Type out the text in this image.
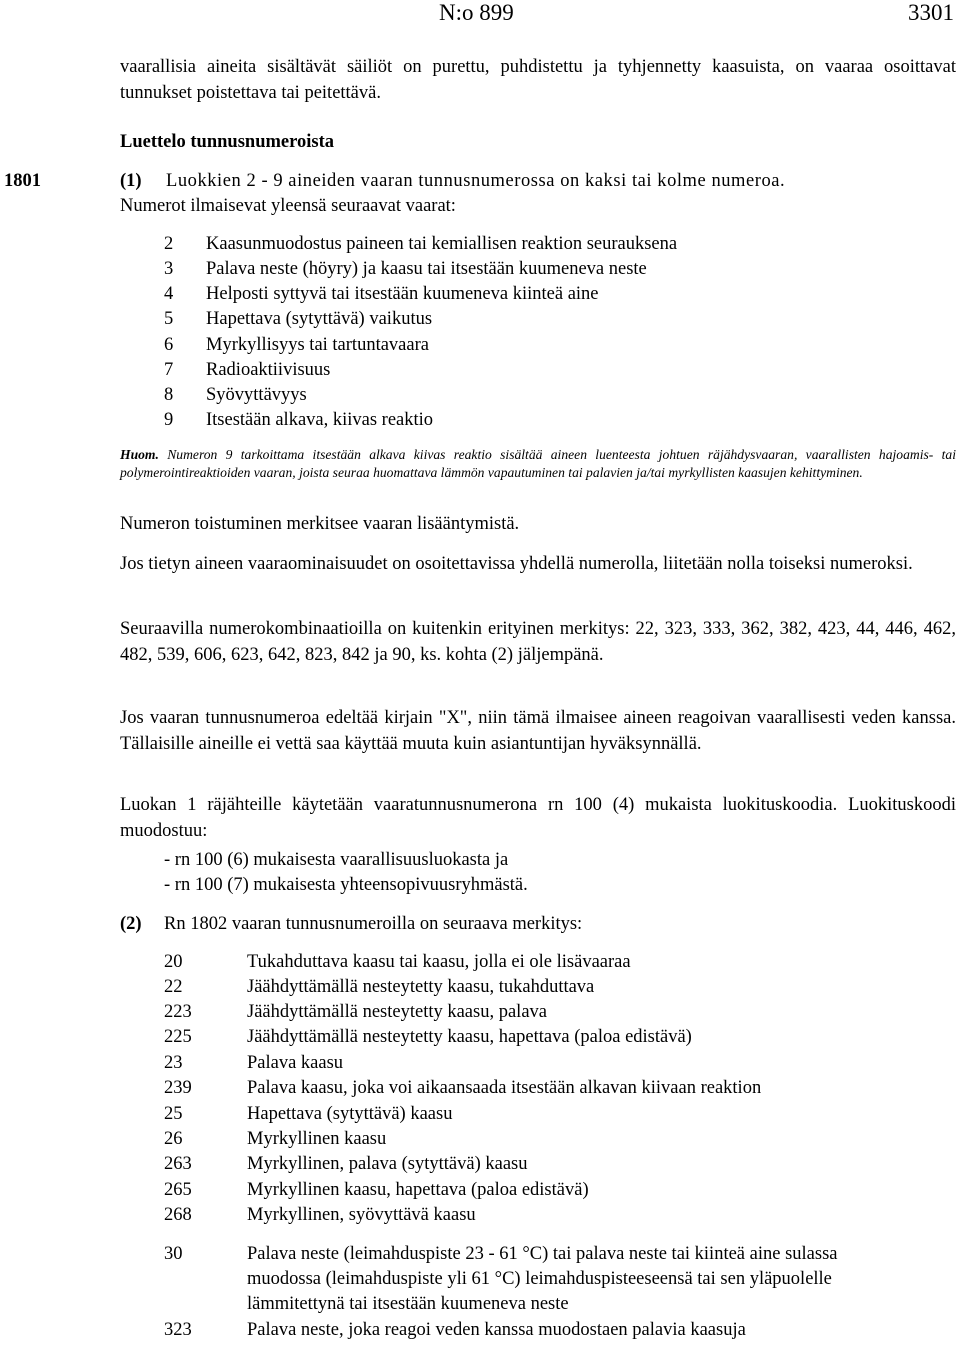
N:o 899	3301
vaarallisia aineita sisältävät säiliöt on purettu, puhdistettu ja tyhjennetty kaasuista, on vaaraa osoittavat tunnukset poistettava tai peitettävä.
Luettelo tunnusnumeroista
1801	(1) Luokkien 2 - 9 aineiden vaaran tunnusnumerossa on kaksi tai kolme numeroa.
Numerot ilmaisevat yleensä seuraavat vaarat:
2 Kaasunmuodostus paineen tai kemiallisen reaktion seurauksena
3 Palava neste (höyry) ja kaasu tai itsestään kuumeneva neste
4 Helposti syttyvä tai itsestään kuumeneva kiinteä aine
5 Hapettava (sytyttävä) vaikutus
6 Myrkyllisyys tai tartuntavaara
7 Radioaktiivisuus
8 Syövyttävyys
9 Itsestään alkava, kiivas reaktio
Huom. Numeron 9 tarkoittama itsestään alkava kiivas reaktio sisältää aineen luenteesta johtuen räjähdysvaaran, vaarallisten hajoamis- tai polymerointireaktioiden vaaran, joista seuraa huomattava lämmön vapautuminen tai palavien ja/tai myrkyllisten kaasujen kehittyminen.
Numeron toistuminen merkitsee vaaran lisääntymistä.
Jos tietyn aineen vaaraominaisuudet on osoitettavissa yhdellä numerolla, liitetään nolla toiseksi numeroksi.
Seuraavilla numerokombinaatioilla on kuitenkin erityinen merkitys: 22, 323, 333, 362, 382, 423, 44, 446, 462, 482, 539, 606, 623, 642, 823, 842 ja 90, ks. kohta (2) jäljempänä.
Jos vaaran tunnusnumeroa edeltää kirjain "X", niin tämä ilmaisee aineen reagoivan vaarallisesti veden kanssa. Tällaisille aineille ei vettä saa käyttää muuta kuin asiantuntijan hyväksynnällä.
Luokan 1 räjähteille käytetään vaaratunnusnumerona rn 100 (4) mukaista luokituskoodia. Luokituskoodi muodostuu:
- rn 100 (6) mukaisesta vaarallisuusluokasta ja
- rn 100 (7) mukaisesta yhteensopivuusryhmästä.
(2) Rn 1802 vaaran tunnusnumeroilla on seuraava merkitys:
20	Tukahduttava kaasu tai kaasu, jolla ei ole lisävaaraa
22	Jäähdyttämällä nesteytetty kaasu, tukahduttava
223	Jäähdyttämällä nesteytetty kaasu, palava
225	Jäähdyttämällä nesteytetty kaasu, hapettava (paloa edistävä)
23	Palava kaasu
239	Palava kaasu, joka voi aikaansaada itsestään alkavan kiivaan reaktion
25	Hapettava (sytyttävä) kaasu
26	Myrkyllinen kaasu
263	Myrkyllinen, palava (sytyttävä) kaasu
265	Myrkyllinen kaasu, hapettava (paloa edistävä)
268	Myrkyllinen, syövyttävä kaasu
30	Palava neste (leimahduspiste 23 - 61 °C) tai palava neste tai kiinteä aine sulassa
muodossa (leimahduspiste yli 61 °C) leimahduspisteeseensä tai sen yläpuolelle
lämmitettynä tai itsestään kuumeneva neste
323	Palava neste, joka reagoi veden kanssa muodostaen palavia kaasuja
